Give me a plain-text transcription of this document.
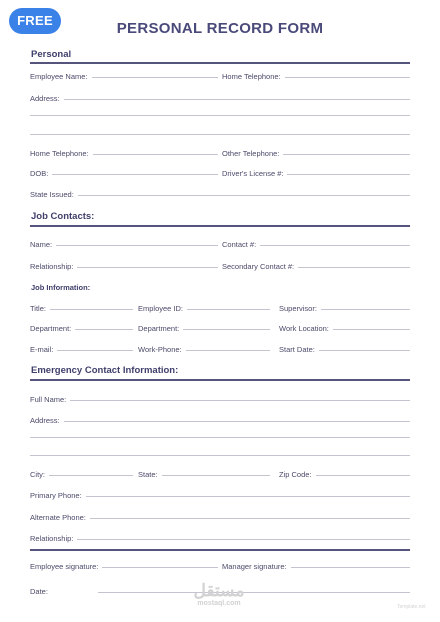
FREE	PERSONAL RECORD FORM
Personal
Employee Name:	Home Telephone:
Address:
Home Telephone:	Other Telephone:
DOB:	Driver's License #:
State Issued:
Job Contacts:
Name:	Contact #:
Relationship:	Secondary Contact #:
Job Information:
Title:	Employee ID:	Supervisor:
Department:	Department:	Work Location:
E-mail:	Work-Phone:	Start Date:
Emergency Contact Information:
Full Name:
Address:
City:	State:	Zip Code:
Primary Phone:
Alternate Phone:
Relationship:
Employee signature:	Manager signature:
Date:	مستقل
mostaql.com	Template.net
